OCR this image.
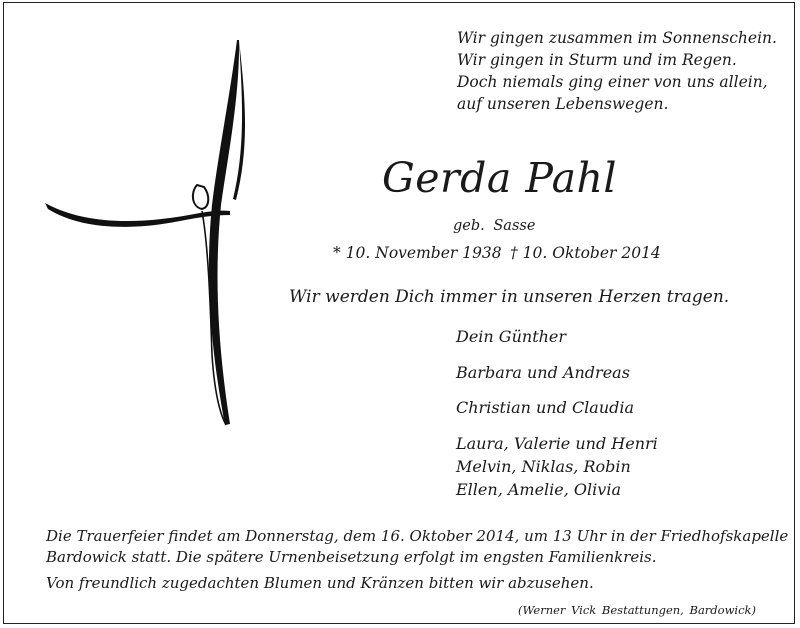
Wir gingen zusammen im Sonnenschein.
Wir gingen in Sturm und im Regen.
Doch niemals ging einer von uns allein,
auf unseren Lebenswegen.
Gerda Pahl
geb. Sasse
* 10. November 1938 † 10. Oktober 2014
Wir werden Dich immer in unseren Herzen tragen.
Dein Günther
Barbara und Andreas
Christian und Claudia
Laura, Valerie und Henri
Melvin, Niklas, Robin
Ellen, Amelie, Olivia
Die Trauerfeier findet am Donnerstag, dem 16. Oktober 2014, um 13 Uhr in der Friedhofskapelle
Bardowick statt. Die spätere Urnenbeisetzung erfolgt im engsten Familienkreis.
Von freundlich zugedachten Blumen und Kränzen bitten wir abzusehen.
(Werner Vick Bestattungen, Bardowick)
